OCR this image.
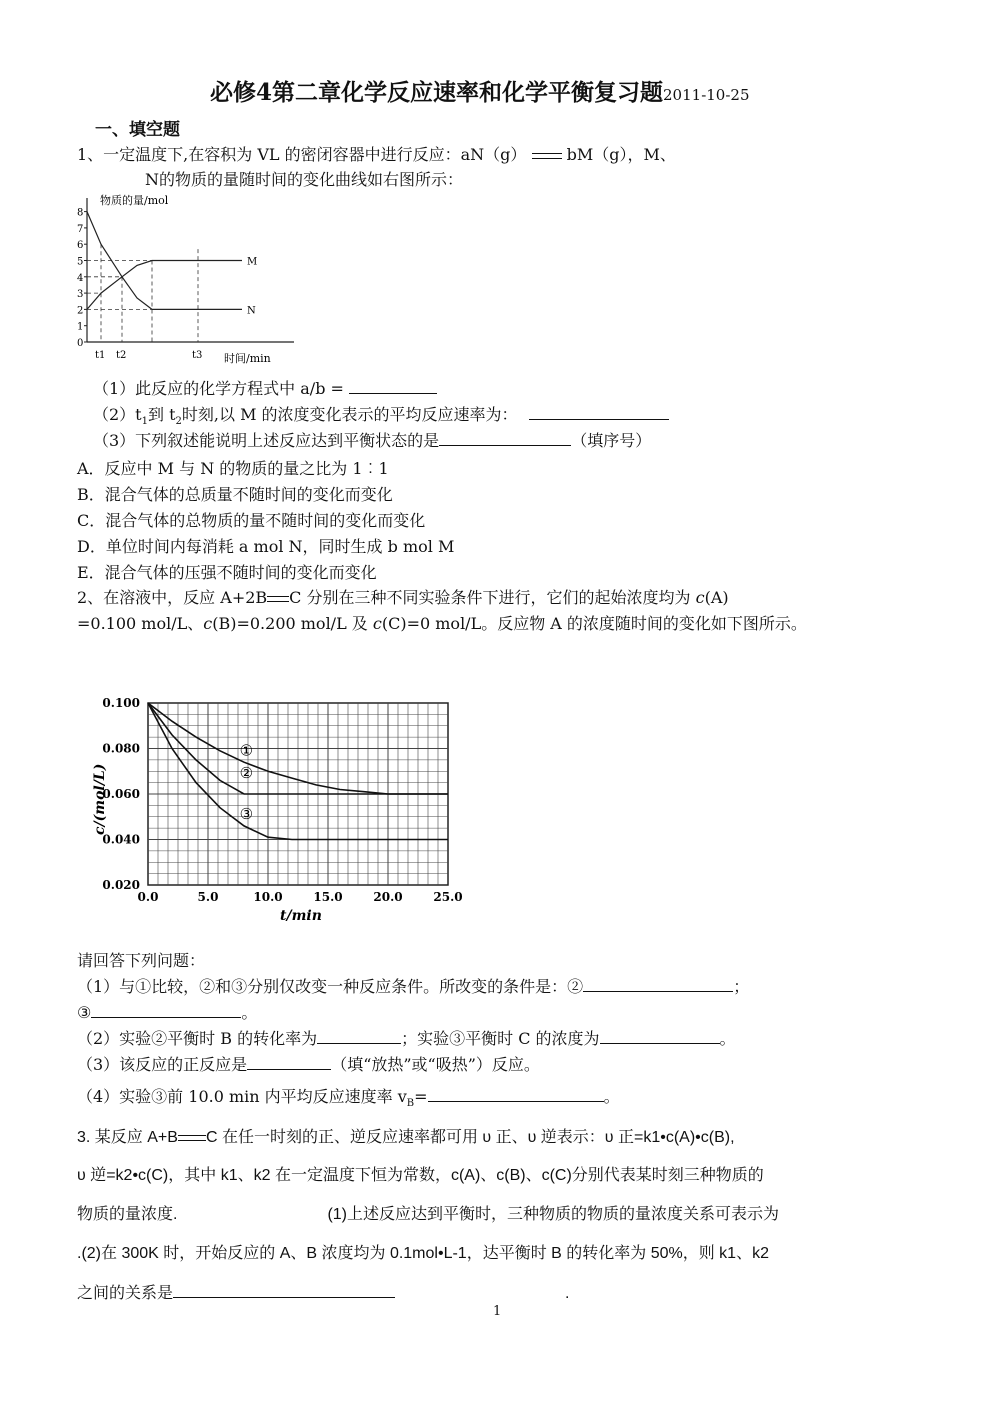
必修4第二章化学反应速率和化学平衡复习题2011-10-25
一、填空题
1、一定温度下,在容积为 VL 的密闭容器中进行反应：aN（g）	bM（g），M、
N的物质的量随时间的变化曲线如右图所示：
物质的量/mol
时间/min
0
1
2
3
4
5
6
7
8
t1 t2	t3
M
N
（1）此反应的化学方程式中 a/b =
$(2)t_1$到 $t_2$时刻,以 M 的浓度变化表示的平均反应速率为：
（3）下列叙述能说明上述反应达到平衡状态的是	（填序号）
A．反应中 M 与 N 的物质的量之比为 1︰1
B．混合气体的总质量不随时间的变化而变化
C．混合气体的总物质的量不随时间的变化而变化
D．单位时间内每消耗 a mol N，同时生成 b mol M
E．混合气体的压强不随时间的变化而变化
2、在溶液中，反应 A+2B C 分别在三种不同实验条件下进行，它们的起始浓度均为 c(A)
=0.100 mol/L、c(B)=0.200 mol/L 及 c(C)=0 mol/L。反应物 A 的浓度随时间的变化如下图所示。
0.100
0.080
0.060
0.040
0.020
0.0	5.0	10.0	15.0	20.0	25.0
①
②
③
c/(mol/L)
t/min
请回答下列问题：
（1）与①比较，②和③分别仅改变一种反应条件。所改变的条件是：②	；
③	。
（2）实验②平衡时 B 的转化率为	；实验③平衡时 C 的浓度为	。
（3）该反应的正反应是	（填“放热”或“吸热”）反应。
（4）实验③前 10.0 min 内平均反应速度率 $v_B=$	。
3. 某反应 A+B C 在任一时刻的正、逆反应速率都可用 υ 正、υ 逆表示：υ 正=k1•c(A)•c(B),
υ 逆=k2•c(C)，其中 k1、k2 在一定温度下恒为常数，c(A)、c(B)、c(C)分别代表某时刻三种物质的
物质的量浓度.	(1)上述反应达到平衡时，三种物质的物质的量浓度关系可表示为
.(2)在 300K 时，开始反应的 A、B 浓度均为 0.1mol•L-1，达平衡时 B 的转化率为 50%，则 k1、k2
之间的关系是	.
1
